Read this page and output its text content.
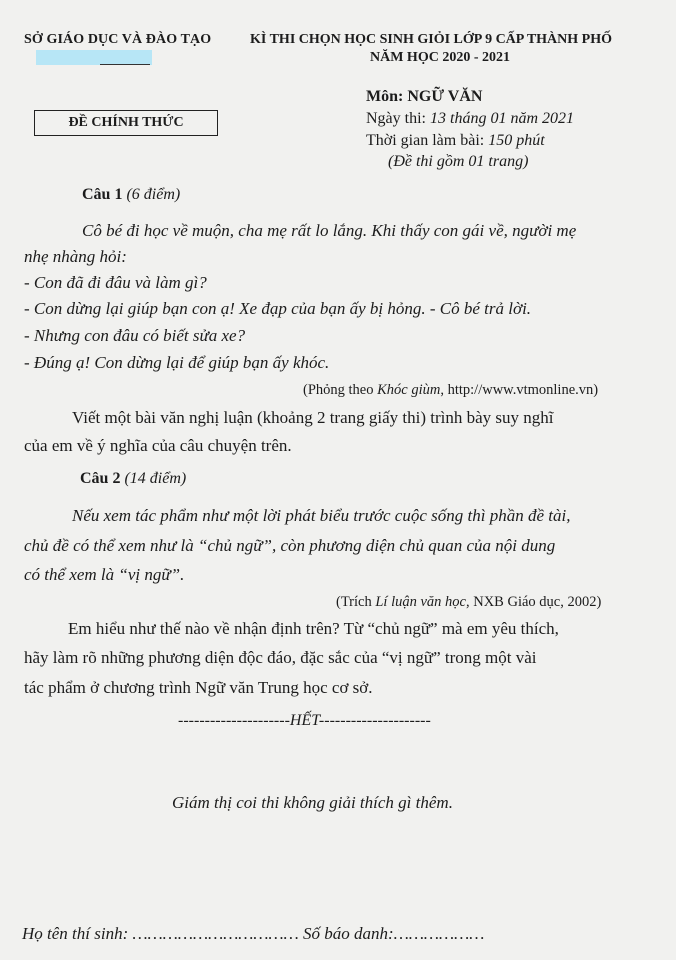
SỞ GIÁO DỤC VÀ ĐÀO TẠO	KÌ THI CHỌN HỌC SINH GIỎI LỚP 9 CẤP THÀNH PHỐ
NĂM HỌC 2020 - 2021
ĐỀ CHÍNH THỨC
Môn: NGỮ VĂN
Ngày thi: 13 tháng 01 năm 2021
Thời gian làm bài: 150 phút
(Đề thi gồm 01 trang)
Câu 1 (6 điểm)
Cô bé đi học về muộn, cha mẹ rất lo lắng. Khi thấy con gái về, người mẹ
nhẹ nhàng hỏi:
- Con đã đi đâu và làm gì?
- Con dừng lại giúp bạn con ạ! Xe đạp của bạn ấy bị hỏng. - Cô bé trả lời.
- Nhưng con đâu có biết sửa xe?
- Đúng ạ! Con dừng lại để giúp bạn ấy khóc.
(Phỏng theo Khóc giùm, http://www.vtmonline.vn)
Viết một bài văn nghị luận (khoảng 2 trang giấy thi) trình bày suy nghĩ
của em về ý nghĩa của câu chuyện trên.
Câu 2 (14 điểm)
Nếu xem tác phẩm như một lời phát biểu trước cuộc sống thì phần đề tài,
chủ đề có thể xem như là “chủ ngữ”, còn phương diện chủ quan của nội dung
có thể xem là “vị ngữ”.
(Trích Lí luận văn học, NXB Giáo dục, 2002)
Em hiểu như thế nào về nhận định trên? Từ “chủ ngữ” mà em yêu thích,
hãy làm rõ những phương diện độc đáo, đặc sắc của “vị ngữ” trong một vài
tác phẩm ở chương trình Ngữ văn Trung học cơ sở.
---------------------HẾT---------------------
Giám thị coi thi không giải thích gì thêm.
Họ tên thí sinh: …………………………… Số báo danh:………………
